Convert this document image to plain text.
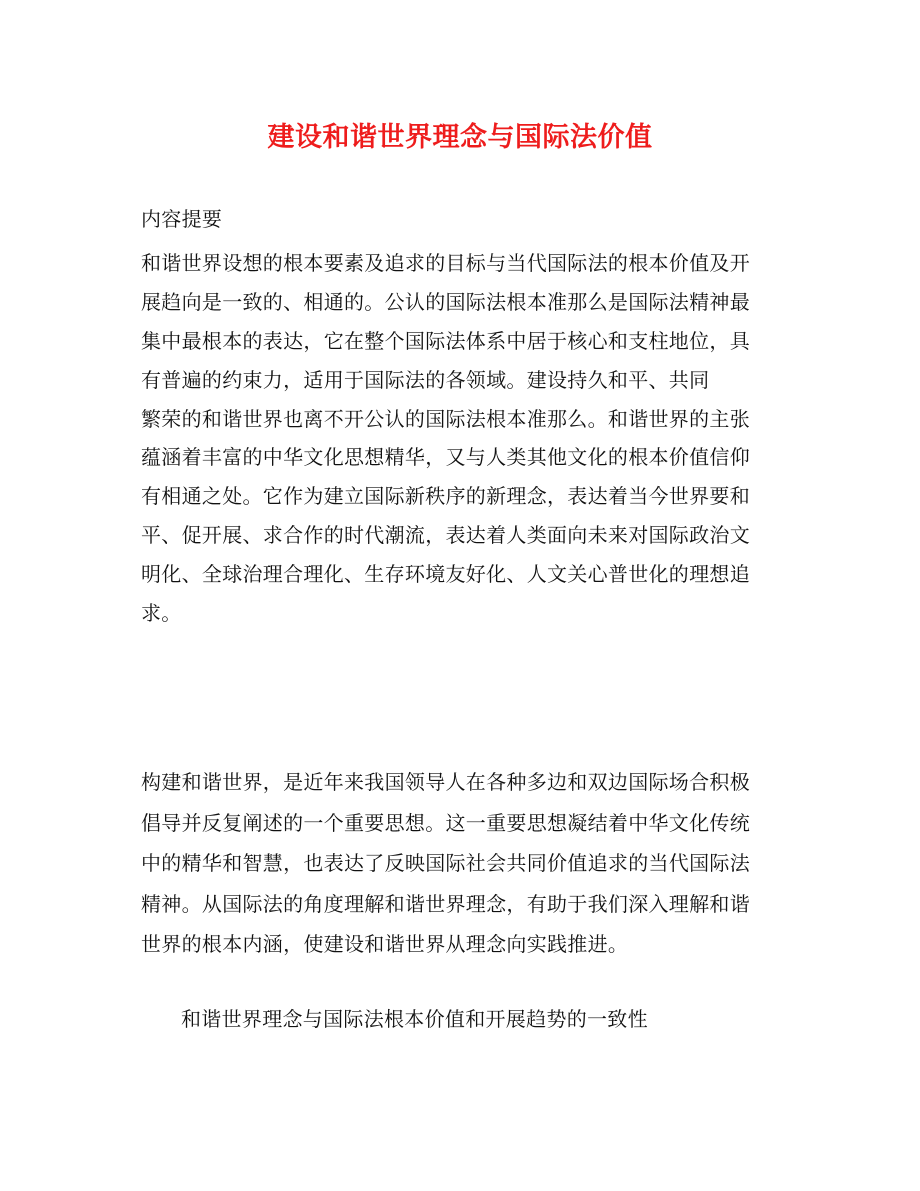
建设和谐世界理念与国际法价值
内容提要
和谐世界设想的根本要素及追求的目标与当代国际法的根本价值及开
展趋向是一致的、相通的。公认的国际法根本准那么是国际法精神最
集中最根本的表达，它在整个国际法体系中居于核心和支柱地位，具
有普遍的约束力，适用于国际法的各领域。建设持久和平、共同
繁荣的和谐世界也离不开公认的国际法根本准那么。和谐世界的主张
蕴涵着丰富的中华文化思想精华，又与人类其他文化的根本价值信仰
有相通之处。它作为建立国际新秩序的新理念，表达着当今世界要和
平、促开展、求合作的时代潮流，表达着人类面向未来对国际政治文
明化、全球治理合理化、生存环境友好化、人文关心普世化的理想追
求。
构建和谐世界，是近年来我国领导人在各种多边和双边国际场合积极
倡导并反复阐述的一个重要思想。这一重要思想凝结着中华文化传统
中的精华和智慧，也表达了反映国际社会共同价值追求的当代国际法
精神。从国际法的角度理解和谐世界理念，有助于我们深入理解和谐
世界的根本内涵，使建设和谐世界从理念向实践推进。
和谐世界理念与国际法根本价值和开展趋势的一致性
